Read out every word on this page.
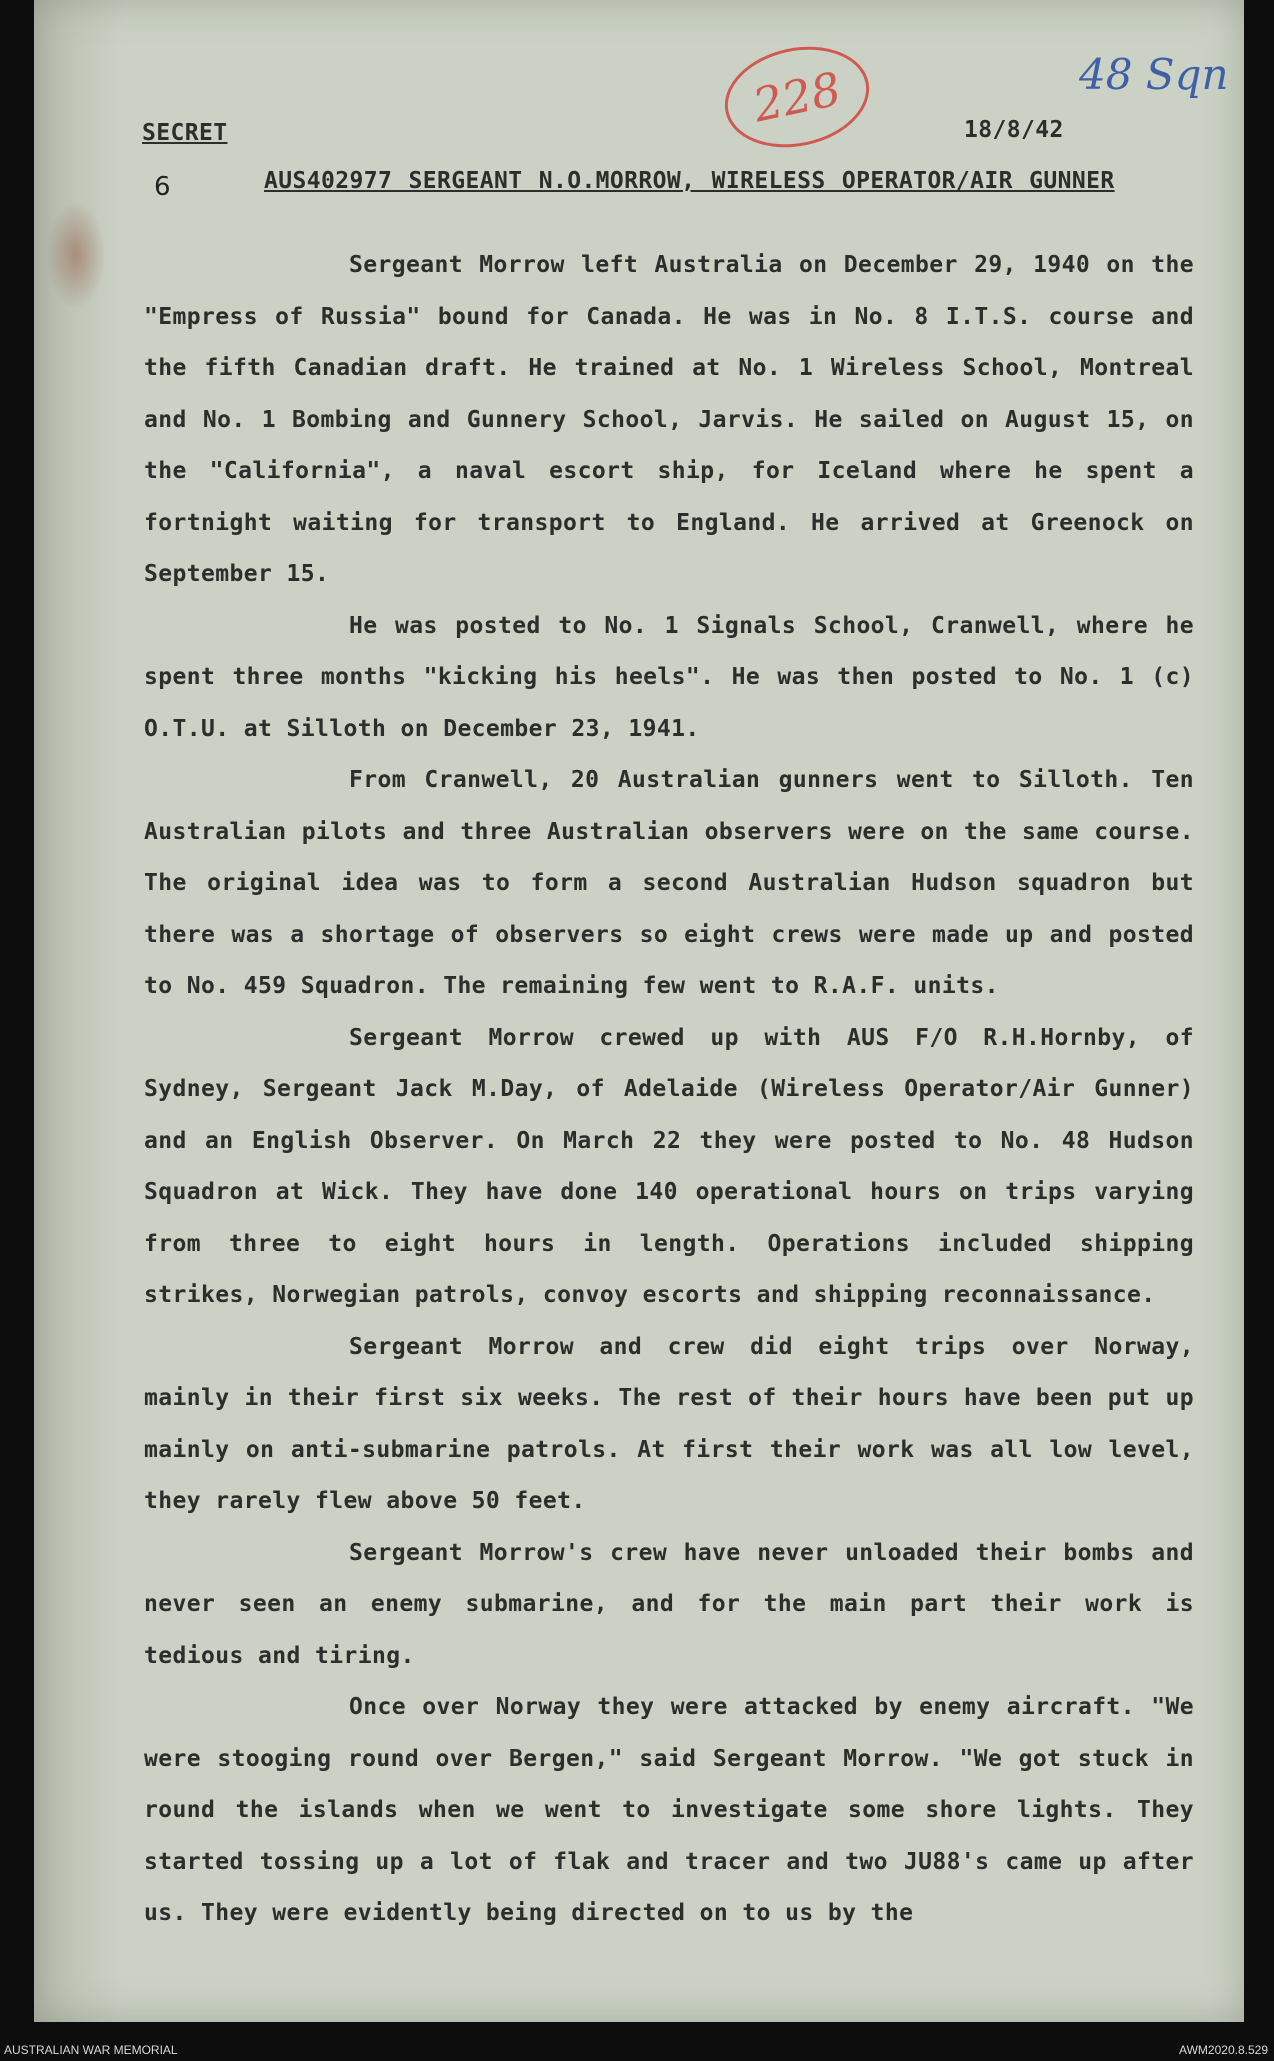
SECRET	18/8/42
6	AUS402977 SERGEANT N.O.MORROW, WIRELESS OPERATOR/AIR GUNNER
228	48 Sqn

Sergeant Morrow left Australia on December 29, 1940 on the "Empress of Russia" bound for Canada. He was in No. 8 I.T.S. course and the fifth Canadian draft. He trained at No. 1 Wireless School, Montreal and No. 1 Bombing and Gunnery School, Jarvis. He sailed on August 15, on the "California", a naval escort ship, for Iceland where he spent a fortnight waiting for transport to England. He arrived at Greenock on September 15.

He was posted to No. 1 Signals School, Cranwell, where he spent three months "kicking his heels". He was then posted to No. 1 (c) O.T.U. at Silloth on December 23, 1941.

From Cranwell, 20 Australian gunners went to Silloth. Ten Australian pilots and three Australian observers were on the same course. The original idea was to form a second Australian Hudson squadron but there was a shortage of observers so eight crews were made up and posted to No. 459 Squadron. The remaining few went to R.A.F. units.

Sergeant Morrow crewed up with AUS F/O R.H.Hornby, of Sydney, Sergeant Jack M.Day, of Adelaide (Wireless Operator/Air Gunner) and an English Observer. On March 22 they were posted to No. 48 Hudson Squadron at Wick. They have done 140 operational hours on trips varying from three to eight hours in length. Operations included shipping strikes, Norwegian patrols, convoy escorts and shipping reconnaissance.

Sergeant Morrow and crew did eight trips over Norway, mainly in their first six weeks. The rest of their hours have been put up mainly on anti-submarine patrols. At first their work was all low level, they rarely flew above 50 feet.

Sergeant Morrow's crew have never unloaded their bombs and never seen an enemy submarine, and for the main part their work is tedious and tiring.

Once over Norway they were attacked by enemy aircraft. "We were stooging round over Bergen," said Sergeant Morrow. "We got stuck in round the islands when we went to investigate some shore lights. They started tossing up a lot of flak and tracer and two JU88's came up after us. They were evidently being directed on to us by the

AUSTRALIAN WAR MEMORIAL	AWM2020.8.529
